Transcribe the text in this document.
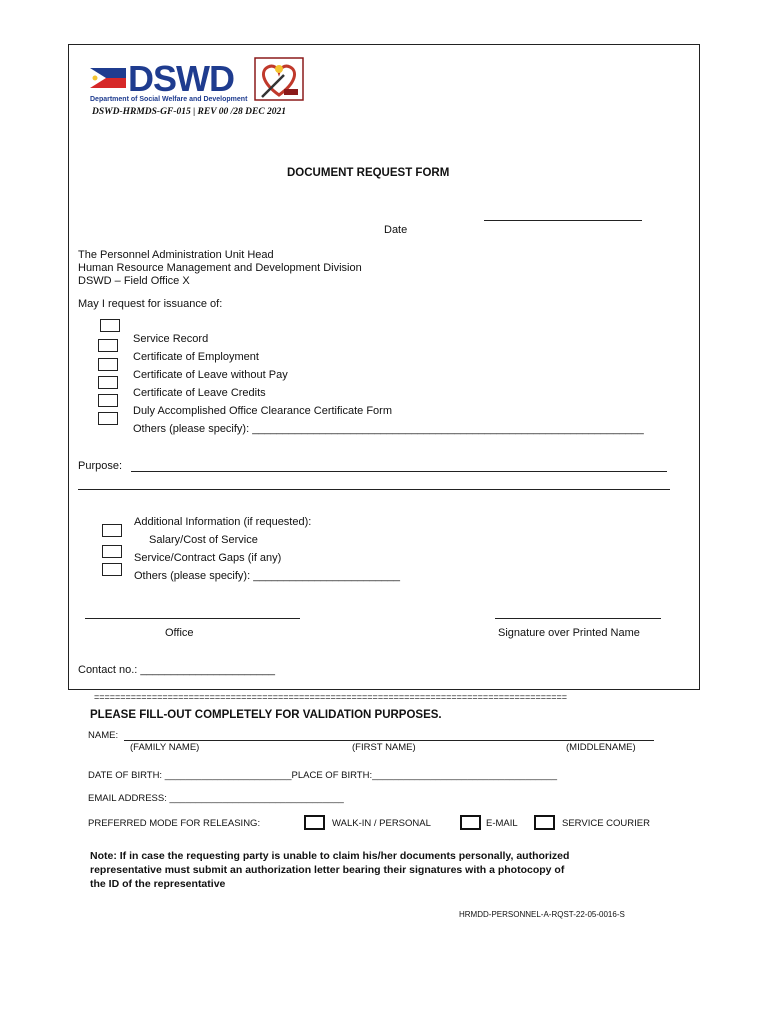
DSWD
Department of Social Welfare and Development
DSWD-HRMDS-GF-015 | REV 00 /28 DEC 2021
DOCUMENT REQUEST FORM
Date
The Personnel Administration Unit Head
Human Resource Management and Development Division
DSWD – Field Office X
May I request for issuance of:
Service Record
Certificate of Employment
Certificate of Leave without Pay
Certificate of Leave Credits
Duly Accomplished Office Clearance Certificate Form
Others (please specify): ________________________________________________________________
Purpose:
Additional Information (if requested):
Salary/Cost of Service
Service/Contract Gaps (if any)
Others (please specify): ________________________
Office	Signature over Printed Name
Contact no.: ______________________
==========================================================================================
PLEASE FILL-OUT COMPLETELY FOR VALIDATION PURPOSES.
NAME:
(FAMILY NAME)	(FIRST NAME)	(MIDDLENAME)
DATE OF BIRTH: ________________________PLACE OF BIRTH:___________________________________
EMAIL ADDRESS: _________________________________
PREFERRED MODE FOR RELEASING:	WALK-IN / PERSONAL	E-MAIL	SERVICE COURIER
Note: If in case the requesting party is unable to claim his/her documents personally, authorized
representative must submit an authorization letter bearing their signatures with a photocopy of
the ID of the representative
HRMDD-PERSONNEL-A-RQST-22-05-0016-S
